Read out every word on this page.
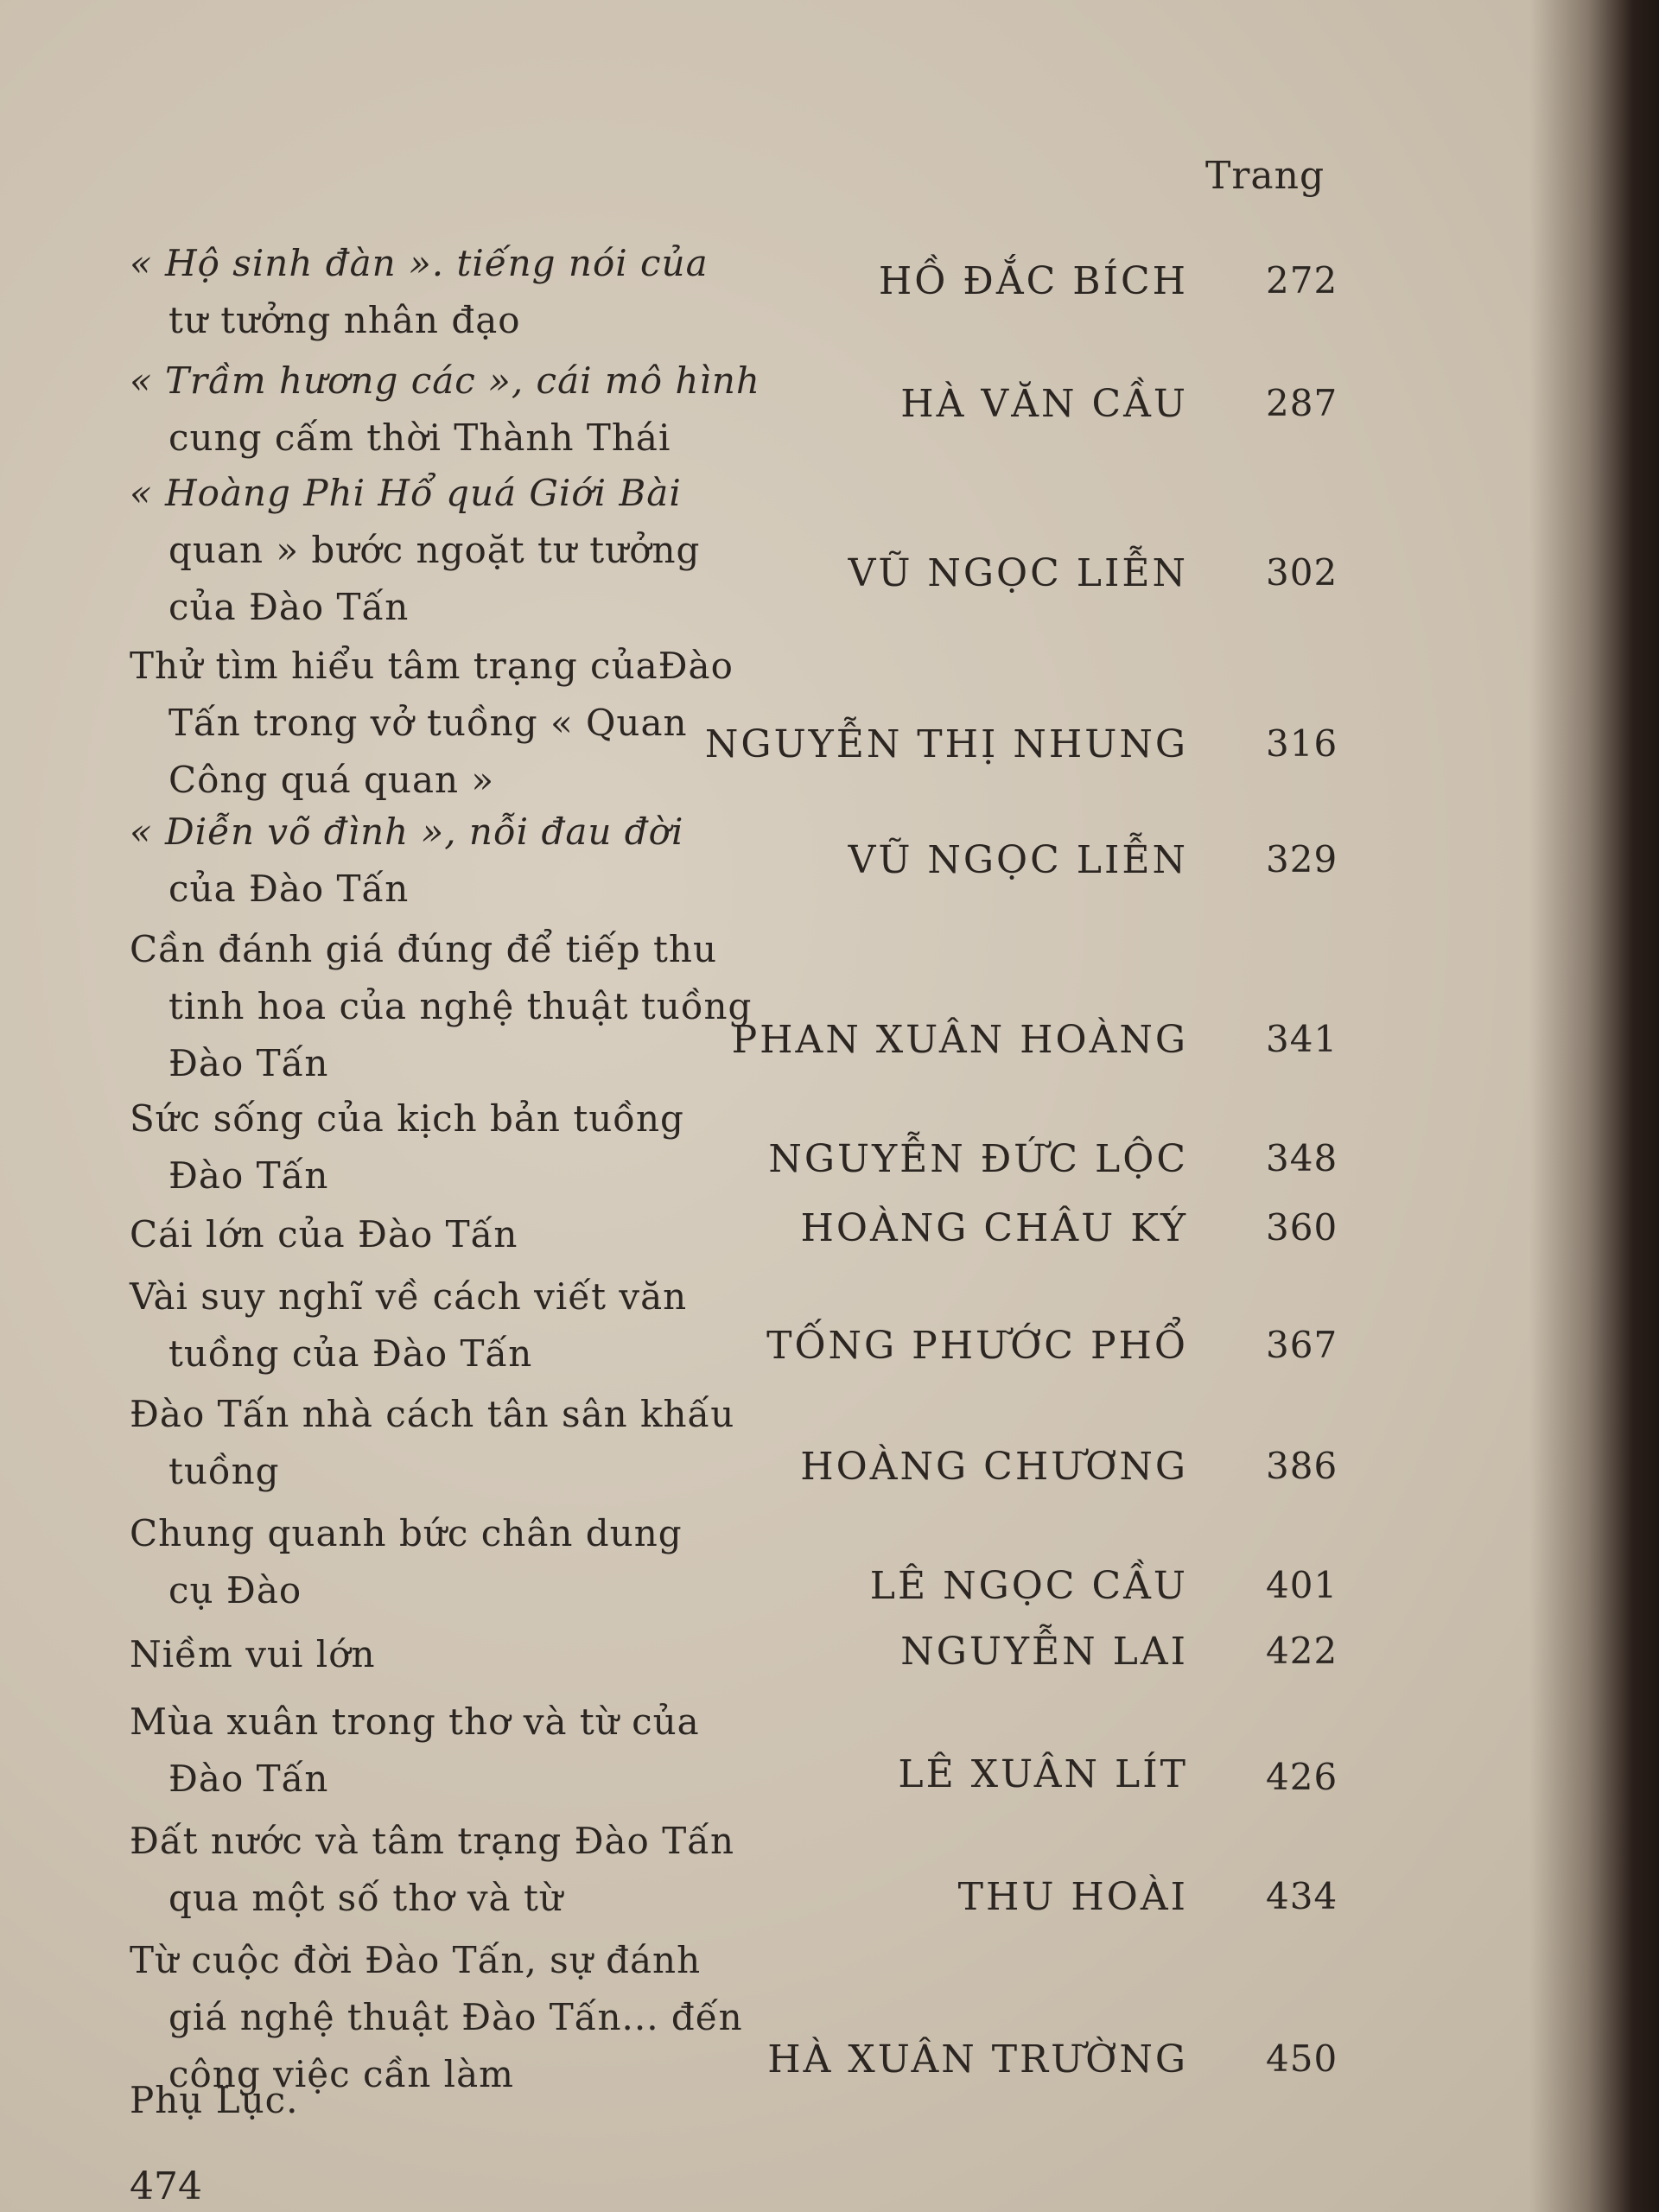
Trang
« Hộ sinh đàn ». tiếng nói của
tư tưởng nhân đạo
HỒ ĐẮC BÍCH 272
« Trầm hương các », cái mô hình
cung cấm thời Thành Thái
HÀ VĂN CẦU 287
« Hoàng Phi Hổ quá Giới Bài
quan » bước ngoặt tư tưởng
của Đào Tấn
VŨ NGỌC LIỄN 302
Thử tìm hiểu tâm trạng củaĐào
Tấn trong vở tuồng « Quan
Công quá quan »
NGUYỄN THỊ NHUNG 316
« Diễn võ đình », nỗi đau đời
của Đào Tấn
VŨ NGỌC LIỄN 329
Cần đánh giá đúng để tiếp thu
tinh hoa của nghệ thuật tuồng
Đào Tấn
PHAN XUÂN HOÀNG 341
Sức sống của kịch bản tuồng
Đào Tấn	NGUYỄN ĐỨC LỘC 348
Cái lớn của Đào Tấn	HOÀNG CHÂU KÝ 360
Vài suy nghĩ về cách viết văn
tuồng của Đào Tấn	TỐNG PHƯỚC PHỔ 367
Đào Tấn nhà cách tân sân khấu
tuồng	HOÀNG CHƯƠNG 386
Chung quanh bức chân dung
cụ Đào	LÊ NGỌC CẦU 401
Niềm vui lớn	NGUYỄN LAI 422
Mùa xuân trong thơ và từ của
Đào Tấn	LÊ XUÂN LÍT 426
Đất nước và tâm trạng Đào Tấn
qua một số thơ và từ	THU HOÀI 434
Từ cuộc đời Đào Tấn, sự đánh
giá nghệ thuật Đào Tấn... đến
công việc cần làm	HÀ XUÂN TRƯỜNG 450
Phụ Lục.
474
